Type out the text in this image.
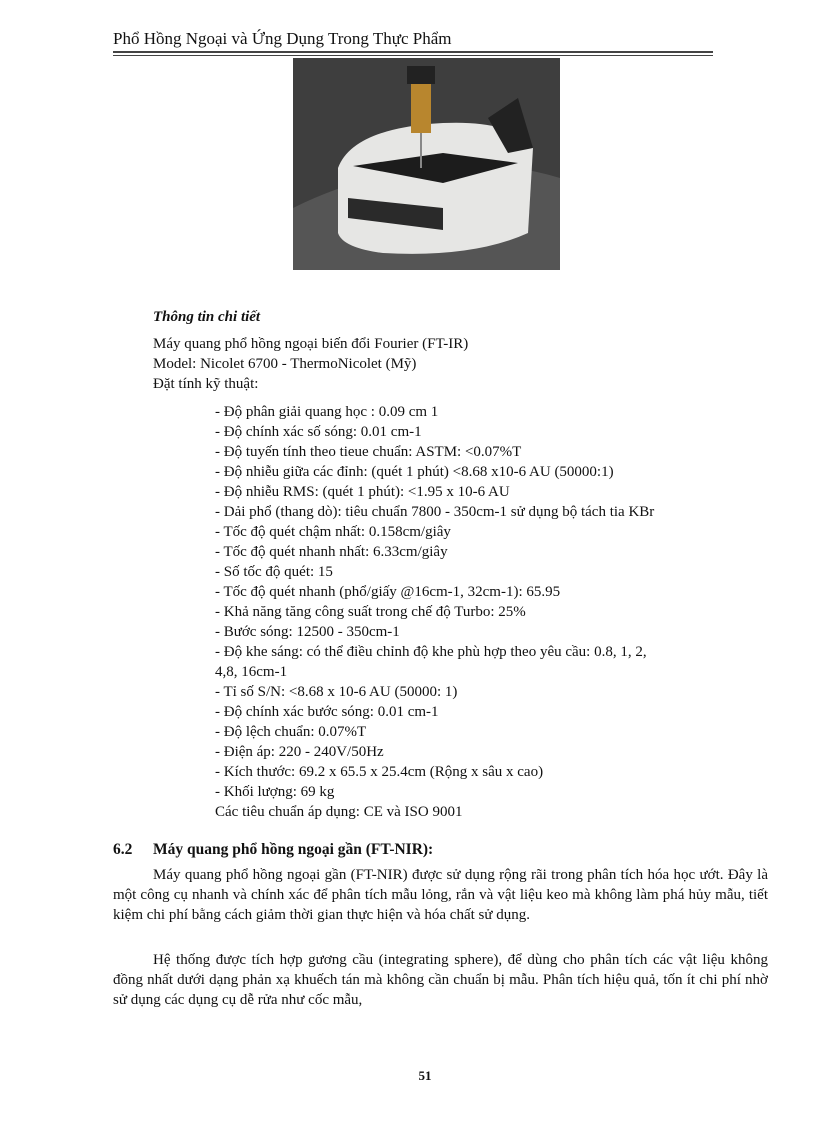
Phổ Hồng Ngoại và Ứng Dụng Trong Thực Phẩm
Thông tin chi tiết
Máy quang phổ hồng ngoại biến đổi Fourier (FT-IR)
Model: Nicolet 6700 - ThermoNicolet (Mỹ)
Đặt tính kỹ thuật:
- Độ phân giải quang học : 0.09 cm 1
- Độ chính xác số sóng: 0.01 cm-1
- Độ tuyến tính theo tieue chuẩn: ASTM: <0.07%T
- Độ nhiễu giữa các đỉnh: (quét 1 phút) <8.68 x10-6 AU (50000:1)
- Độ nhiễu RMS: (quét 1 phút): <1.95 x 10-6 AU
- Dải phổ (thang dò): tiêu chuẩn 7800 - 350cm-1 sử dụng bộ tách tia KBr
- Tốc độ quét chậm nhất: 0.158cm/giây
- Tốc độ quét nhanh nhất: 6.33cm/giây
- Số tốc độ quét: 15
- Tốc độ quét nhanh (phổ/giấy @16cm-1, 32cm-1): 65.95
- Khả năng tăng công suất trong chế độ Turbo: 25%
- Bước sóng: 12500 - 350cm-1
- Độ khe sáng: có thể điều chỉnh độ khe phù hợp theo yêu cầu: 0.8, 1, 2,
4,8, 16cm-1
- Tỉ số S/N: <8.68 x 10-6 AU (50000: 1)
- Độ chính xác bước sóng: 0.01 cm-1
- Độ lệch chuẩn: 0.07%T
- Điện áp: 220 - 240V/50Hz
- Kích thước: 69.2 x 65.5 x 25.4cm (Rộng x sâu x cao)
- Khối lượng: 69 kg
Các tiêu chuẩn áp dụng: CE và ISO 9001
6.2 Máy quang phổ hồng ngoại gần (FT-NIR):
Máy quang phổ hồng ngoại gần (FT-NIR) được sử dụng rộng rãi trong phân tích hóa học ướt. Đây là một công cụ nhanh và chính xác để phân tích mẫu lỏng, rắn và vật liệu keo mà không làm phá hủy mẫu, tiết kiệm chi phí bằng cách giảm thời gian thực hiện và hóa chất sử dụng.
Hệ thống được tích hợp gương cầu (integrating sphere), để dùng cho phân tích các vật liệu không đồng nhất dưới dạng phản xạ khuếch tán mà không cần chuẩn bị mẫu. Phân tích hiệu quả, tốn ít chi phí nhờ sử dụng các dụng cụ dễ rửa như cốc mẫu,
51
